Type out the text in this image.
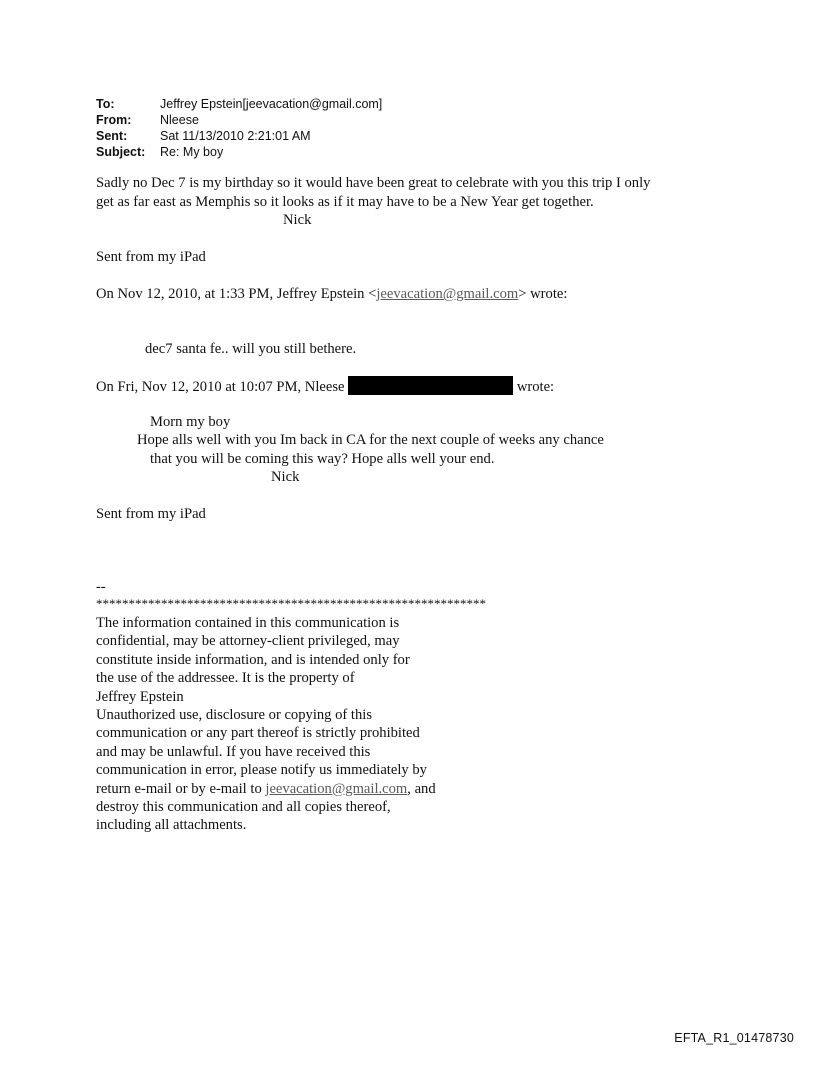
To:	Jeffrey Epstein[jeevacation@gmail.com]
From:	Nleese
Sent:	Sat 11/13/2010 2:21:01 AM
Subject:	Re: My boy
Sadly no Dec 7 is my birthday so it would have been great to celebrate with you this trip I only
get as far east as Memphis so it looks as if it may have to be a New Year get together.
Nick
Sent from my iPad
On Nov 12, 2010, at 1:33 PM, Jeffrey Epstein <jeevacation@gmail.com> wrote:
dec7 santa fe.. will you still bethere.
On Fri, Nov 12, 2010 at 10:07 PM, Nleese	wrote:
Morn my boy
Hope alls well with you Im back in CA for the next couple of weeks any chance
that you will be coming this way? Hope alls well your end.
Nick
Sent from my iPad
--
************************************************************
The information contained in this communication is
confidential, may be attorney-client privileged, may
constitute inside information, and is intended only for
the use of the addressee. It is the property of
Jeffrey Epstein
Unauthorized use, disclosure or copying of this
communication or any part thereof is strictly prohibited
and may be unlawful. If you have received this
communication in error, please notify us immediately by
return e-mail or by e-mail to jeevacation@gmail.com, and
destroy this communication and all copies thereof,
including all attachments.
EFTA_R1_01478730
